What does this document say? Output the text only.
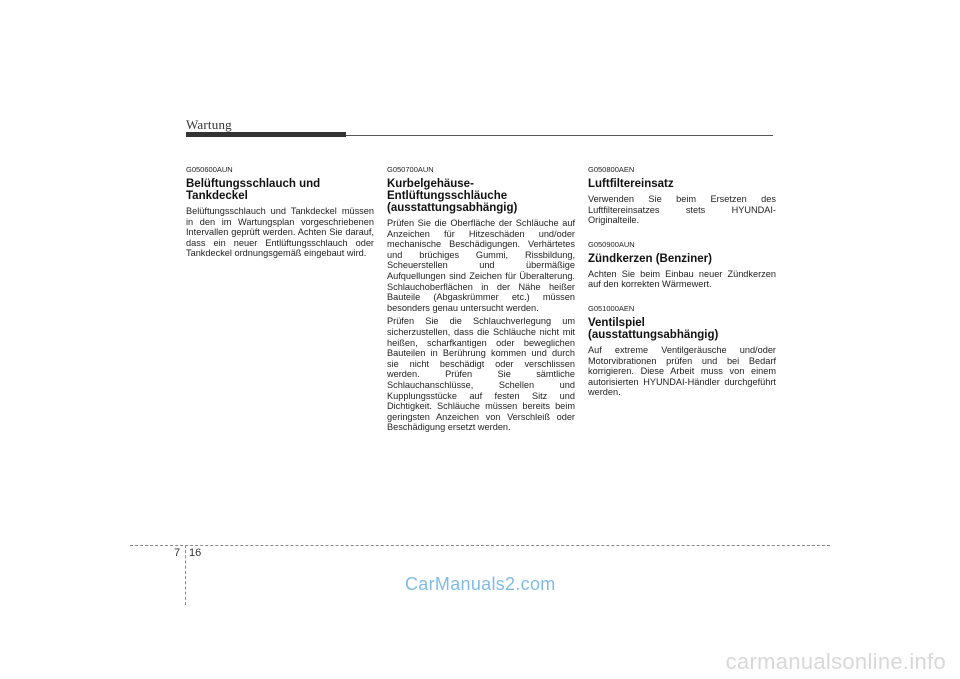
Wartung
G050600AUN
Belüftungsschlauch und Tankdeckel

Belüftungsschlauch und Tankdeckel müssen in den im Wartungsplan vorgeschriebenen Intervallen geprüft werden. Achten Sie darauf, dass ein neuer Entlüftungsschlauch oder Tankdeckel ordnungsgemäß eingebaut wird.

G050700AUN
Kurbelgehäuse-Entlüftungsschläuche (ausstattungsabhängig)

Prüfen Sie die Oberfläche der Schläuche auf Anzeichen für Hitzeschäden und/oder mechanische Beschädigungen. Verhärtetes und brüchiges Gummi, Rissbildung, Scheuerstellen und übermäßige Aufquellungen sind Zeichen für Überalterung. Schlauchoberflächen in der Nähe heißer Bauteile (Abgaskrümmer etc.) müssen besonders genau untersucht werden.

Prüfen Sie die Schlauchverlegung um sicherzustellen, dass die Schläuche nicht mit heißen, scharfkantigen oder beweglichen Bauteilen in Berührung kommen und durch sie nicht beschädigt oder verschlissen werden. Prüfen Sie sämtliche Schlauchanschlüsse, Schellen und Kupplungsstücke auf festen Sitz und Dichtigkeit. Schläuche müssen bereits beim geringsten Anzeichen von Verschleiß oder Beschädigung ersetzt werden.

G050800AEN
Luftfiltereinsatz

Verwenden Sie beim Ersetzen des Luftfiltereinsatzes stets HYUNDAI-Originalteile.

G050900AUN
Zündkerzen (Benziner)

Achten Sie beim Einbau neuer Zündkerzen auf den korrekten Wärmewert.

G051000AEN
Ventilspiel (ausstattungsabhängig)

Auf extreme Ventilgeräusche und/oder Motorvibrationen prüfen und bei Bedarf korrigieren. Diese Arbeit muss von einem autorisierten HYUNDAI-Händler durchgeführt werden.

7 16
CarManuals2.com
carmanualsonline.info
